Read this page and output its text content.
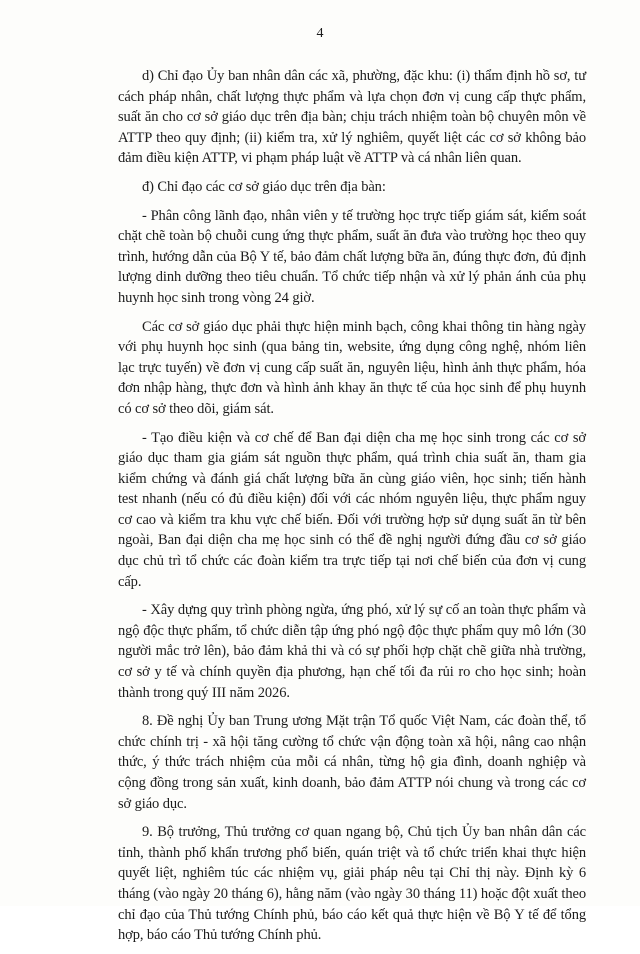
4

d) Chỉ đạo Ủy ban nhân dân các xã, phường, đặc khu: (i) thẩm định hồ sơ, tư cách pháp nhân, chất lượng thực phẩm và lựa chọn đơn vị cung cấp thực phẩm, suất ăn cho cơ sở giáo dục trên địa bàn; chịu trách nhiệm toàn bộ chuyên môn về ATTP theo quy định; (ii) kiểm tra, xử lý nghiêm, quyết liệt các cơ sở không bảo đảm điều kiện ATTP, vi phạm pháp luật về ATTP và cá nhân liên quan.

đ) Chỉ đạo các cơ sở giáo dục trên địa bàn:

- Phân công lãnh đạo, nhân viên y tế trường học trực tiếp giám sát, kiểm soát chặt chẽ toàn bộ chuỗi cung ứng thực phẩm, suất ăn đưa vào trường học theo quy trình, hướng dẫn của Bộ Y tế, bảo đảm chất lượng bữa ăn, đúng thực đơn, đủ định lượng dinh dưỡng theo tiêu chuẩn. Tổ chức tiếp nhận và xử lý phản ánh của phụ huynh học sinh trong vòng 24 giờ.

Các cơ sở giáo dục phải thực hiện minh bạch, công khai thông tin hàng ngày với phụ huynh học sinh (qua bảng tin, website, ứng dụng công nghệ, nhóm liên lạc trực tuyến) về đơn vị cung cấp suất ăn, nguyên liệu, hình ảnh thực phẩm, hóa đơn nhập hàng, thực đơn và hình ảnh khay ăn thực tế của học sinh để phụ huynh có cơ sở theo dõi, giám sát.

- Tạo điều kiện và cơ chế để Ban đại diện cha mẹ học sinh trong các cơ sở giáo dục tham gia giám sát nguồn thực phẩm, quá trình chia suất ăn, tham gia kiểm chứng và đánh giá chất lượng bữa ăn cùng giáo viên, học sinh; tiến hành test nhanh (nếu có đủ điều kiện) đối với các nhóm nguyên liệu, thực phẩm nguy cơ cao và kiểm tra khu vực chế biến. Đối với trường hợp sử dụng suất ăn từ bên ngoài, Ban đại diện cha mẹ học sinh có thể đề nghị người đứng đầu cơ sở giáo dục chủ trì tổ chức các đoàn kiểm tra trực tiếp tại nơi chế biến của đơn vị cung cấp.

- Xây dựng quy trình phòng ngừa, ứng phó, xử lý sự cố an toàn thực phẩm và ngộ độc thực phẩm, tổ chức diễn tập ứng phó ngộ độc thực phẩm quy mô lớn (30 người mắc trở lên), bảo đảm khả thi và có sự phối hợp chặt chẽ giữa nhà trường, cơ sở y tế và chính quyền địa phương, hạn chế tối đa rủi ro cho học sinh; hoàn thành trong quý III năm 2026.

8. Đề nghị Ủy ban Trung ương Mặt trận Tổ quốc Việt Nam, các đoàn thể, tổ chức chính trị - xã hội tăng cường tổ chức vận động toàn xã hội, nâng cao nhận thức, ý thức trách nhiệm của mỗi cá nhân, từng hộ gia đình, doanh nghiệp và cộng đồng trong sản xuất, kinh doanh, bảo đảm ATTP nói chung và trong các cơ sở giáo dục.

9. Bộ trưởng, Thủ trưởng cơ quan ngang bộ, Chủ tịch Ủy ban nhân dân các tỉnh, thành phố khẩn trương phổ biến, quán triệt và tổ chức triển khai thực hiện quyết liệt, nghiêm túc các nhiệm vụ, giải pháp nêu tại Chỉ thị này. Định kỳ 6 tháng (vào ngày 20 tháng 6), hằng năm (vào ngày 30 tháng 11) hoặc đột xuất theo chỉ đạo của Thủ tướng Chính phủ, báo cáo kết quả thực hiện về Bộ Y tế để tổng hợp, báo cáo Thủ tướng Chính phủ.
